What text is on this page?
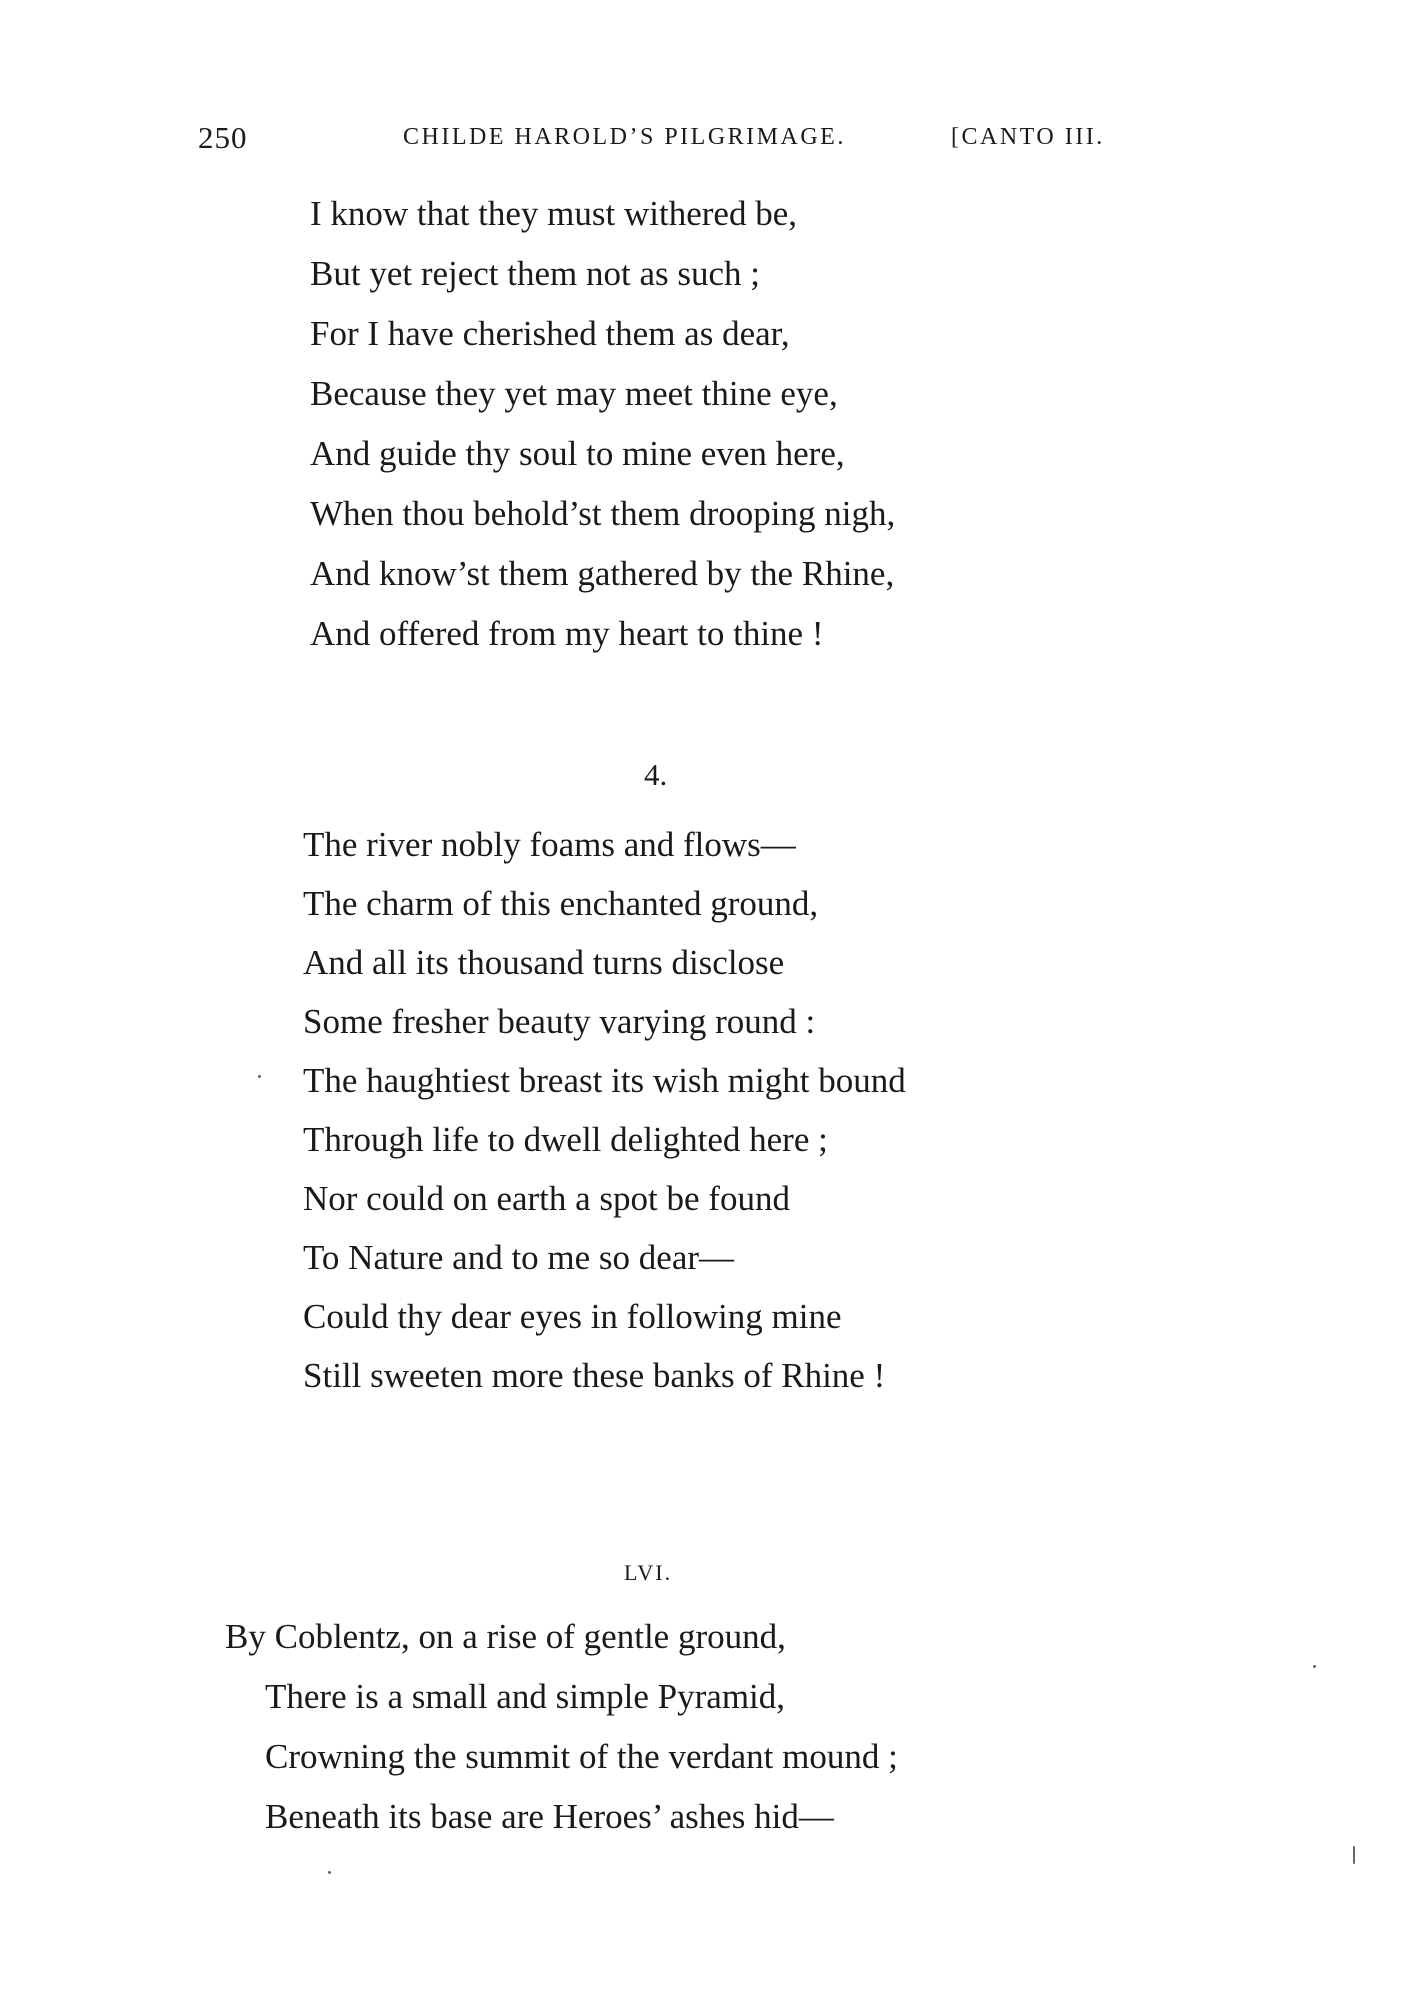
250	CHILDE HAROLD’S PILGRIMAGE.	[CANTO III.
I know that they must withered be,
But yet reject them not as such ;
For I have cherished them as dear,
Because they yet may meet thine eye,
And guide thy soul to mine even here,
When thou behold’st them drooping nigh,
And know’st them gathered by the Rhine,
And offered from my heart to thine !
4.
The river nobly foams and flows—
The charm of this enchanted ground,
And all its thousand turns disclose
Some fresher beauty varying round :
The haughtiest breast its wish might bound
Through life to dwell delighted here ;
Nor could on earth a spot be found
To Nature and to me so dear—
Could thy dear eyes in following mine
Still sweeten more these banks of Rhine !
LVI.
By Coblentz, on a rise of gentle ground,
There is a small and simple Pyramid,
Crowning the summit of the verdant mound ;
Beneath its base are Heroes’ ashes hid—
